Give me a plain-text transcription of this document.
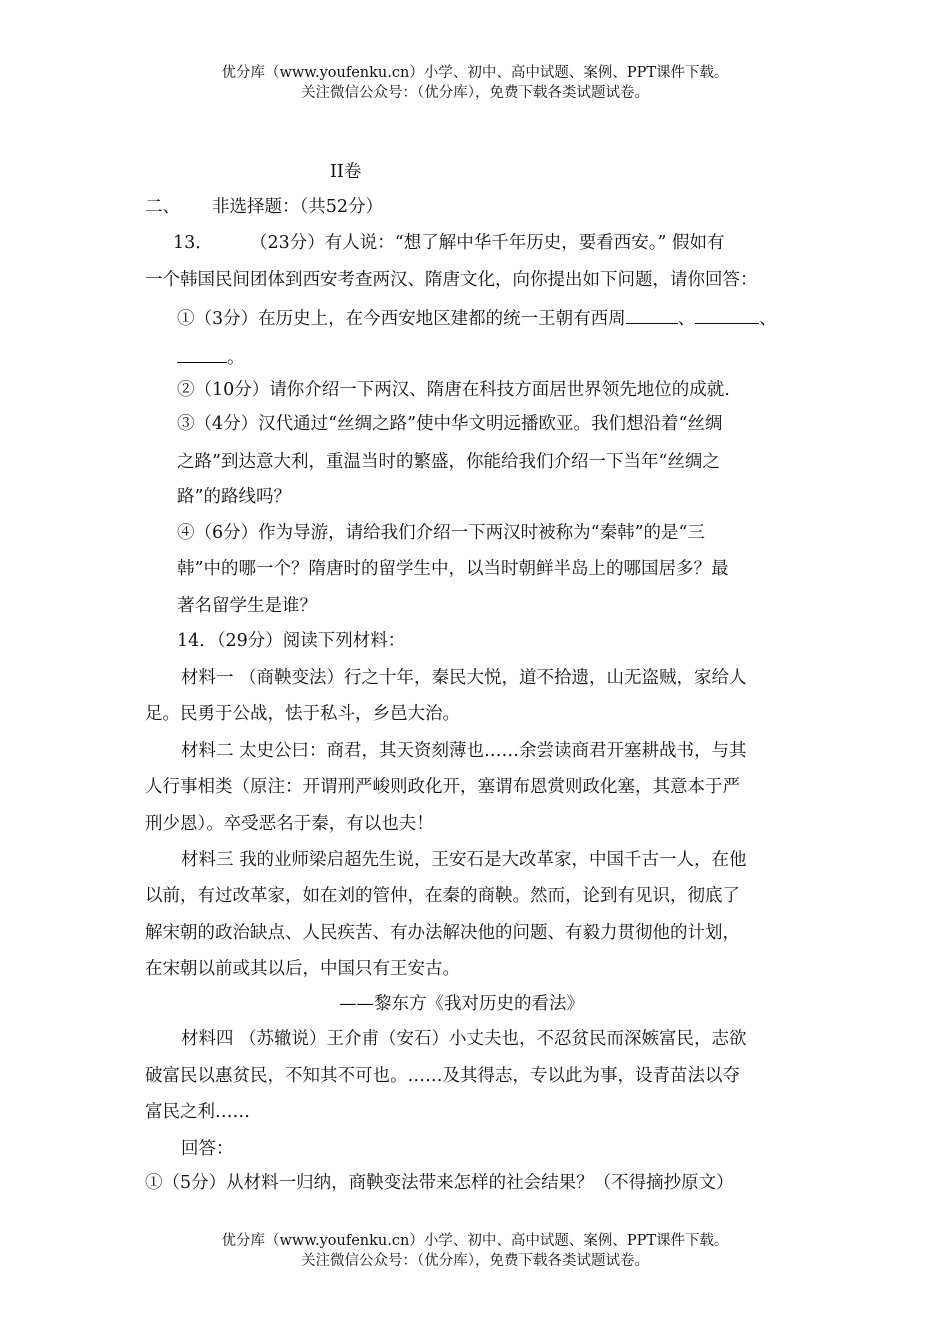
优分库（www.youfenku.cn）小学、初中、高中试题、案例、PPT课件下载。
关注微信公众号：（优分库），免费下载各类试题试卷。
II卷
二、 非选择题：（共52分）
13． （23分）有人说：“想了解中华千年历史，要看西安。” 假如有
一个韩国民间团体到西安考查两汉、隋唐文化，向你提出如下问题，请你回答：
①（3分）在历史上，在今西安地区建都的统一王朝有西周	、	、
。
②（10分）请你介绍一下两汉、隋唐在科技方面居世界领先地位的成就.
③（4分）汉代通过“丝绸之路”使中华文明远播欧亚。我们想沿着“丝绸
之路”到达意大利，重温当时的繁盛，你能给我们介绍一下当年“丝绸之
路”的路线吗？
④（6分）作为导游，请给我们介绍一下两汉时被称为“秦韩”的是“三
韩”中的哪一个？隋唐时的留学生中，以当时朝鲜半岛上的哪国居多？最
著名留学生是谁？
14．（29分）阅读下列材料：
材料一 （商鞅变法）行之十年，秦民大悦，道不拾遗，山无盗贼，家给人
足。民勇于公战，怯于私斗，乡邑大治。
材料二 太史公曰：商君，其天资刻薄也……余尝读商君开塞耕战书，与其
人行事相类（原注：开谓刑严峻则政化开，塞谓布恩赏则政化塞，其意本于严
刑少恩）。卒受恶名于秦，有以也夫！
材料三 我的业师梁启超先生说，王安石是大改革家，中国千古一人，在他
以前，有过改革家，如在刘的管仲，在秦的商鞅。然而，论到有见识，彻底了
解宋朝的政治缺点、人民疾苦、有办法解决他的问题、有毅力贯彻他的计划，
在宋朝以前或其以后，中国只有王安古。
——黎东方《我对历史的看法》
材料四 （苏辙说）王介甫（安石）小丈夫也，不忍贫民而深嫉富民，志欲
破富民以惠贫民，不知其不可也。……及其得志，专以此为事，设青苗法以夺
富民之利……
回答：
①（5分）从材料一归纳，商鞅变法带来怎样的社会结果？（不得摘抄原文）
优分库（www.youfenku.cn）小学、初中、高中试题、案例、PPT课件下载。
关注微信公众号：（优分库），免费下载各类试题试卷。
